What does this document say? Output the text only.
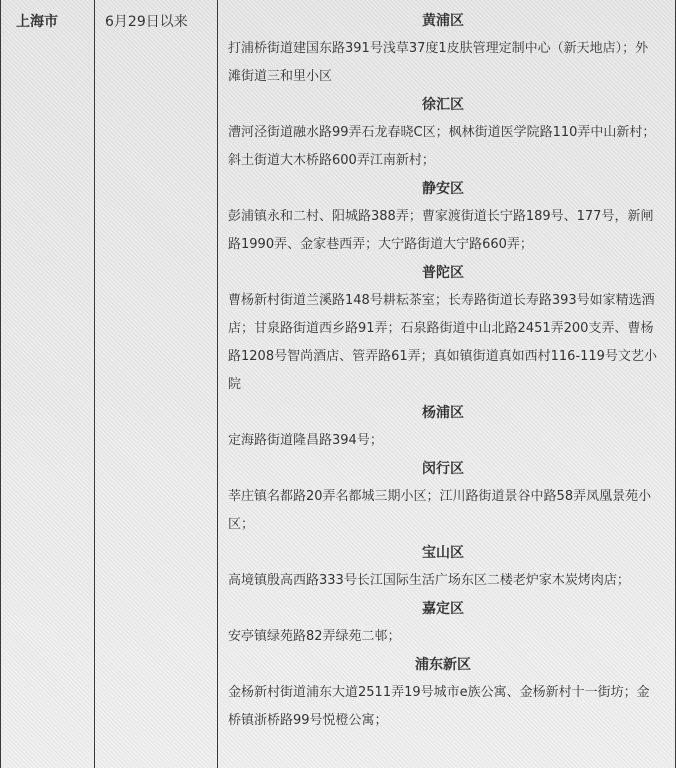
上海市	6月29日以来	黄浦区
打浦桥街道建国东路391号浅草37度1皮肤管理定制中心（新天地店）；外滩街道三和里小区
徐汇区
漕河泾街道融水路99弄石龙春晓C区；枫林街道医学院路110弄中山新村；斜土街道大木桥路600弄江南新村；
静安区
彭浦镇永和二村、阳城路388弄；曹家渡街道长宁路189号、177号，新闸路1990弄、金家巷西弄；大宁路街道大宁路660弄；
普陀区
曹杨新村街道兰溪路148号耕耘茶室；长寿路街道长寿路393号如家精选酒店；甘泉路街道西乡路91弄；石泉路街道中山北路2451弄200支弄、曹杨路1208号智尚酒店、管弄路61弄；真如镇街道真如西村116-119号文艺小院
杨浦区
定海路街道隆昌路394号；
闵行区
莘庄镇名都路20弄名都城三期小区；江川路街道景谷中路58弄凤凰景苑小区；
宝山区
高境镇殷高西路333号长江国际生活广场东区二楼老炉家木炭烤肉店；
嘉定区
安亭镇绿苑路82弄绿苑二邨；
浦东新区
金杨新村街道浦东大道2511弄19号城市e族公寓、金杨新村十一街坊；金桥镇浙桥路99号悦橙公寓；
